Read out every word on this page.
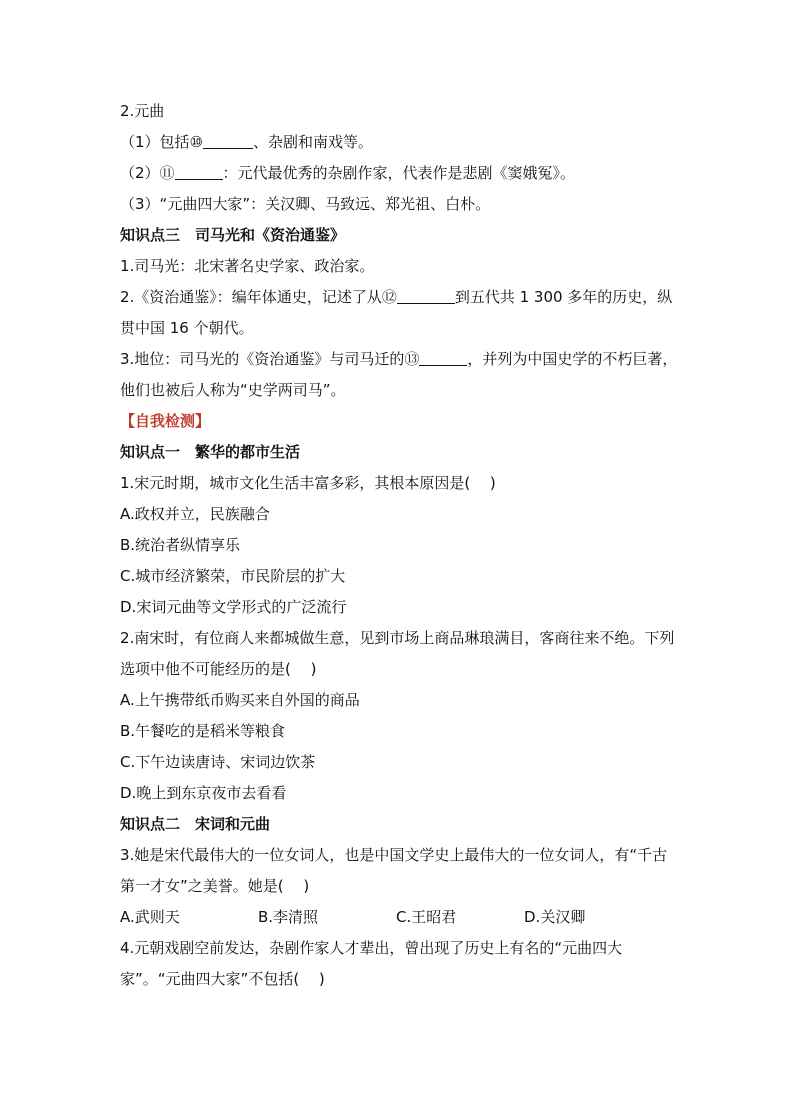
2.元曲
（1）包括⑩	、杂剧和南戏等。
（2）⑪	：元代最优秀的杂剧作家，代表作是悲剧《窦娥冤》。
（3）“元曲四大家”：关汉卿、马致远、郑光祖、白朴。
知识点三　司马光和《资治通鉴》
1.司马光：北宋著名史学家、政治家。
2.《资治通鉴》：编年体通史，记述了从⑫	到五代共 1 300 多年的历史，纵贯中国 16 个朝代。
3.地位：司马光的《资治通鉴》与司马迁的⑬	，并列为中国史学的不朽巨著，他们也被后人称为“史学两司马”。
【自我检测】
知识点一　繁华的都市生活
1.宋元时期，城市文化生活丰富多彩，其根本原因是(　 )
A.政权并立，民族融合
B.统治者纵情享乐
C.城市经济繁荣，市民阶层的扩大
D.宋词元曲等文学形式的广泛流行
2.南宋时，有位商人来都城做生意，见到市场上商品琳琅满目，客商往来不绝。下列选项中他不可能经历的是(　 )
A.上午携带纸币购买来自外国的商品
B.午餐吃的是稻米等粮食
C.下午边读唐诗、宋词边饮茶
D.晚上到东京夜市去看看
知识点二　宋词和元曲
3.她是宋代最伟大的一位女词人，也是中国文学史上最伟大的一位女词人，有“千古第一才女”之美誉。她是(　 )
A.武则天	B.李清照	C.王昭君	D.关汉卿
4.元朝戏剧空前发达，杂剧作家人才辈出，曾出现了历史上有名的“元曲四大家”。“元曲四大家”不包括(　 )
